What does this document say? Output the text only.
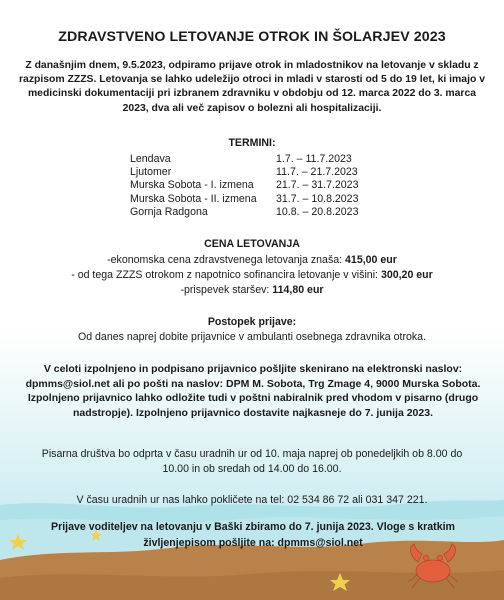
ZDRAVSTVENO LETOVANJE OTROK IN ŠOLARJEV 2023

Z današnjim dnem, 9.5.2023, odpiramo prijave otrok in mladostnikov na letovanje v skladu z razpisom ZZZS. Letovanja se lahko udeležijo otroci in mladi v starosti od 5 do 19 let, ki imajo v medicinski dokumentaciji pri izbranem zdravniku v obdobju od 12. marca 2022 do 3. marca 2023, dva ali več zapisov o bolezni ali hospitalizaciji.

TERMINI:

Lendava	1.7. – 11.7.2023
Ljutomer	11.7. – 21.7.2023
Murska Sobota - I. izmena	21.7. – 31.7.2023
Murska Sobota - II. izmena	31.7. – 10.8.2023
Gornja Radgona	10.8. – 20.8.2023

CENA LETOVANJA

-ekonomska cena zdravstvenega letovanja znaša: 415,00 eur
- od tega ZZZS otrokom z napotnico sofinancira letovanje v višini: 300,20 eur
-prispevek staršev: 114,80 eur

Postopek prijave:

Od danes naprej dobite prijavnice v ambulanti osebnega zdravnika otroka.

V celoti izpolnjeno in podpisano prijavnico pošljite skenirano na elektronski naslov: dpmms@siol.net ali po pošti na naslov: DPM M. Sobota, Trg Zmage 4, 9000 Murska Sobota. Izpolnjeno prijavnico lahko odložite tudi v poštni nabiralnik pred vhodom v pisarno (drugo nadstropje). Izpolnjeno prijavnico dostavite najkasneje do 7. junija 2023.

Pisarna društva bo odprta v času uradnih ur od 10. maja naprej ob ponedeljkih ob 8.00 do 10.00 in ob sredah od 14.00 do 16.00.

V času uradnih ur nas lahko pokličete na tel: 02 534 86 72 ali 031 347 221.

Prijave voditeljev na letovanju v Baški zbiramo do 7. junija 2023. Vloge s kratkim življenjepisom pošljite na: dpmms@siol.net
